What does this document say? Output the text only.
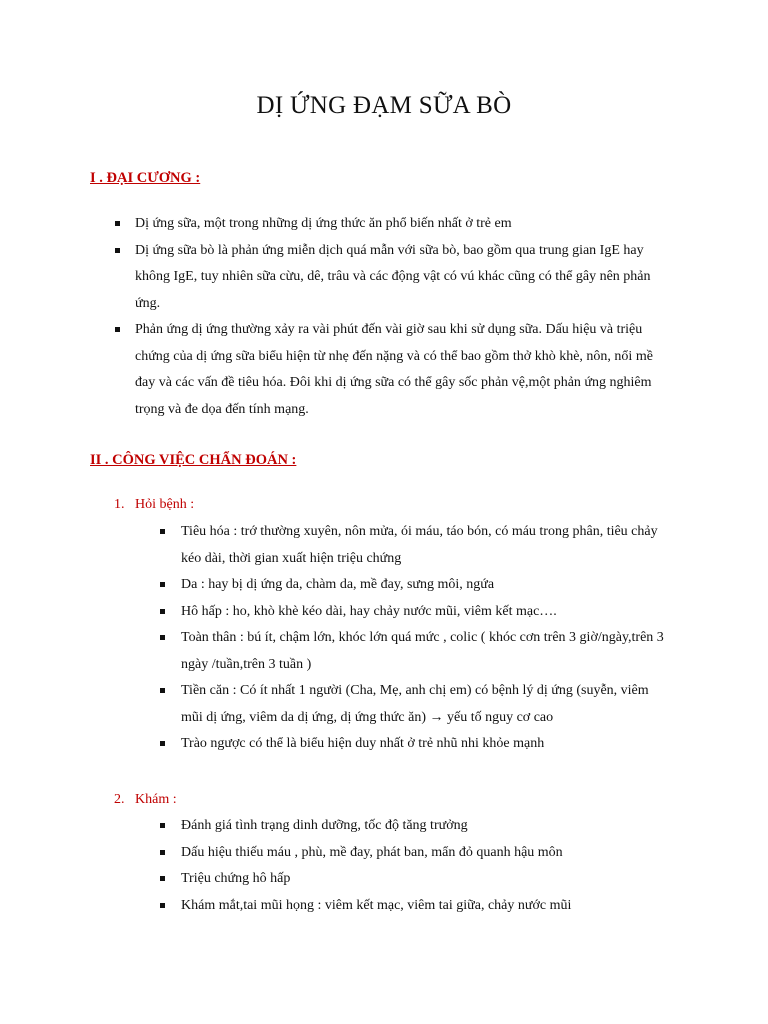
DỊ ỨNG ĐẠM SỮA BÒ
I . ĐẠI CƯƠNG :
Dị ứng sữa, một trong những dị ứng thức ăn phổ biến nhất ở trẻ em
Dị ứng sữa bò là phản ứng miễn dịch quá mẫn với sữa bò, bao gồm qua trung gian IgE hay không IgE, tuy nhiên sữa cừu, dê, trâu và các động vật có vú khác cũng có thể gây nên phản ứng.
Phản ứng dị ứng thường xảy ra vài phút đến vài giờ sau khi sử dụng sữa. Dấu hiệu và triệu chứng của dị ứng sữa biểu hiện từ nhẹ đến nặng và có thể bao gồm thở khò khè, nôn, nổi mề đay và các vấn đề tiêu hóa. Đôi khi dị ứng sữa có thể gây sốc phản vệ,một phản ứng nghiêm trọng và đe dọa đến tính mạng.
II . CÔNG VIỆC CHẨN ĐOÁN :
1. Hỏi bệnh :
Tiêu hóa : trớ thường xuyên, nôn mửa, ói máu, táo bón, có máu trong phân, tiêu chảy kéo dài, thời gian xuất hiện triệu chứng
Da : hay bị dị ứng da, chàm da, mề đay, sưng môi, ngứa
Hô hấp : ho, khò khè kéo dài, hay chảy nước mũi, viêm kết mạc….
Toàn thân : bú ít, chậm lớn, khóc lớn quá mức , colic ( khóc cơn trên 3 giờ/ngày,trên 3 ngày /tuần,trên 3 tuần )
Tiền căn : Có ít nhất 1 người (Cha, Mẹ, anh chị em) có bệnh lý dị ứng (suyễn, viêm mũi dị ứng, viêm da dị ứng, dị ứng thức ăn) → yếu tố nguy cơ cao
Trào ngược có thể là biểu hiện duy nhất ở trẻ nhũ nhi khỏe mạnh
2. Khám :
Đánh giá tình trạng dinh dưỡng, tốc độ tăng trưởng
Dấu hiệu thiếu máu , phù, mề đay, phát ban, mẩn đỏ quanh hậu môn
Triệu chứng hô hấp
Khám mắt,tai mũi họng : viêm kết mạc, viêm tai giữa, chảy nước mũi
